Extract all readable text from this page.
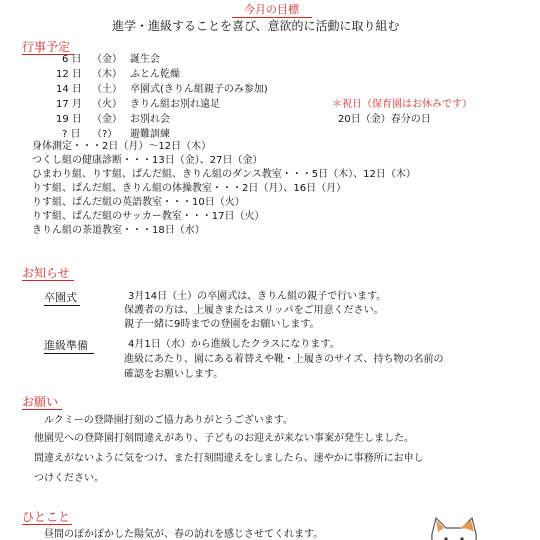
今月の目標
進学・進級することを喜び、意欲的に活動に取り組む
行事予定
6 日 （金） 誕生会
12 日 （木） ふとん乾燥
14 日 （土） 卒園式(きりん組親子のみ参加)
17 月 （火） きりん組お別れ遠足
19 日 （金） お別れ会
? 日 （?） 避難訓練
＊祝日（保育園はお休みです）
20日（金）春分の日
身体測定・・・2日（月）～12日（木）
つくし組の健康診断・・・13日（金）、27日（金）
ひまわり組、りす組、ぱんだ組、きりん組のダンス教室・・・5日（木）、12日（木）
りす組、ぱんだ組、きりん組の体操教室・・・2日（月）、16日（月）
りす組、ぱんだ組の英語教室・・・10日（火）
りす組、ぱんだ組のサッカー教室・・・17日（火）
きりん組の茶道教室・・・18日（水）
お知らせ
卒園式	3月14日（土）の卒園式は、きりん組の親子で行います。
保護者の方は、上履きまたはスリッパをご用意ください。
親子一緒に9時までの登園をお願いします。
進級準備	4月1日（水）から進級したクラスになります。
進級にあたり、園にある着替えや靴・上履きのサイズ、持ち物の名前の
確認をお願いします。
お願い
ルクミーの登降園打刻のご協力ありがとうございます。
他園児への登降園打刻間違えがあり、子どものお迎えが来ない事案が発生しました。
間違えがないように気をつけ、また打刻間違えをしましたら、速やかに事務所にお申し
つけください。
ひとこと
昼間のぽかぽかした陽気が、春の訪れを感じさせてくれます。
